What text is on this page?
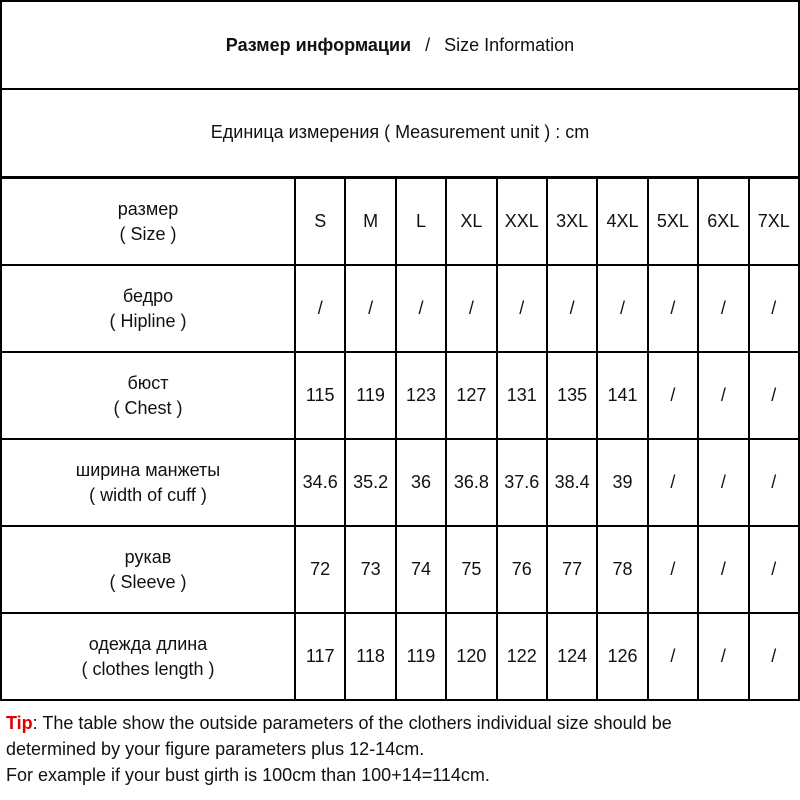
Размер информации / Size Information
Единица измерения ( Measurement unit ) : cm
размер
( Size )	S	M	L	XL	XXL	3XL	4XL	5XL	6XL	7XL

бедро
( Hipline )	/	/	/	/	/	/	/	/	/	/

бюст
( Chest )	115	119	123	127	131	135	141	/	/	/

ширина манжеты
( width of cuff )	34.6	35.2	36	36.8	37.6	38.4	39	/	/	/

рукав
( Sleeve )	72	73	74	75	76	77	78	/	/	/

одежда длина
( clothes length )	117	118	119	120	122	124	126	/	/	/
Tip: The table show the outside parameters of the clothers individual size should be
determined by your figure parameters plus 12-14cm.
For example if your bust girth is 100cm than 100+14=114cm.
